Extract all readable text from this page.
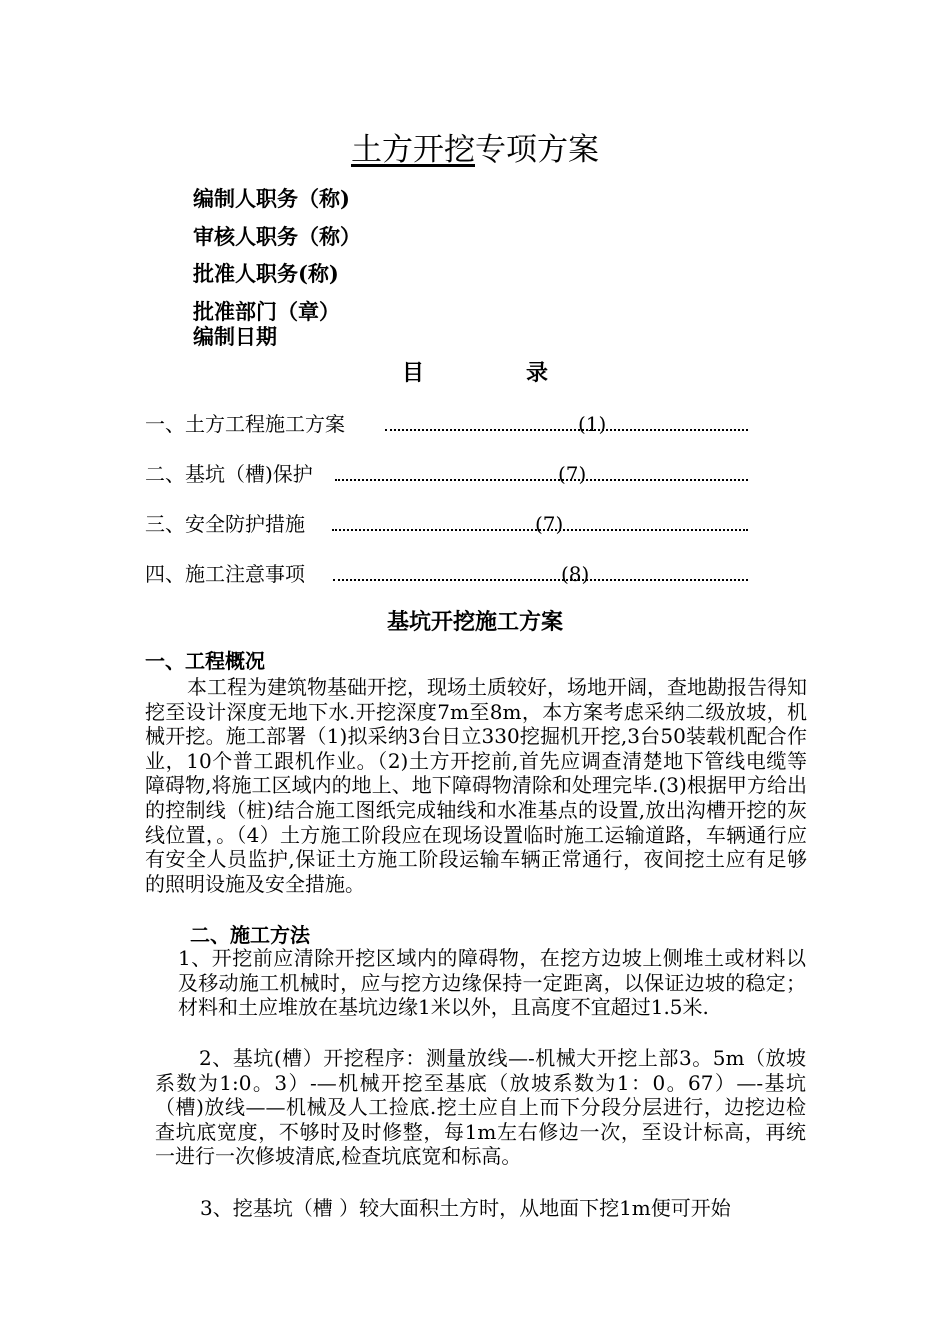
土方开挖专项方案

编制人职务（称)

审核人职务（称）

批准人职务(称)

批准部门（章）

编制日期

目	录
一、土方工程施工方案	(1)
二、基坑（槽)保护	(7)
三、安全防护措施	(7)
四、施工注意事项	(8)
基坑开挖施工方案
一、工程概况

本工程为建筑物基础开挖，现场土质较好，场地开阔，查地勘报告得知挖至设计深度无地下水.开挖深度7m至8m，本方案考虑采纳二级放坡，机械开挖。施工部署（1)拟采纳3台日立330挖掘机开挖,3台50装载机配合作业，10个普工跟机作业。（2)土方开挖前,首先应调查清楚地下管线电缆等障碍物,将施工区域内的地上、地下障碍物清除和处理完毕.(3)根据甲方给出的控制线（桩)结合施工图纸完成轴线和水准基点的设置,放出沟槽开挖的灰线位置，。（4）土方施工阶段应在现场设置临时施工运输道路，车辆通行应有安全人员监护,保证土方施工阶段运输车辆正常通行，夜间挖土应有足够的照明设施及安全措施。

二、施工方法

1、开挖前应清除开挖区域内的障碍物，在挖方边坡上侧堆土或材料以及移动施工机械时，应与挖方边缘保持一定距离，以保证边坡的稳定；材料和土应堆放在基坑边缘1米以外，且高度不宜超过1.5米.

2、基坑(槽）开挖程序：测量放线—-机械大开挖上部3。5m（放坡系数为1:0。3）-—机械开挖至基底（放坡系数为1：0。67）—-基坑（槽)放线——机械及人工捡底.挖土应自上而下分段分层进行，边挖边检查坑底宽度，不够时及时修整，每1m左右修边一次，至设计标高，再统一进行一次修坡清底,检查坑底宽和标高。

3、挖基坑（槽 ）较大面积土方时，从地面下挖1m便可开始
